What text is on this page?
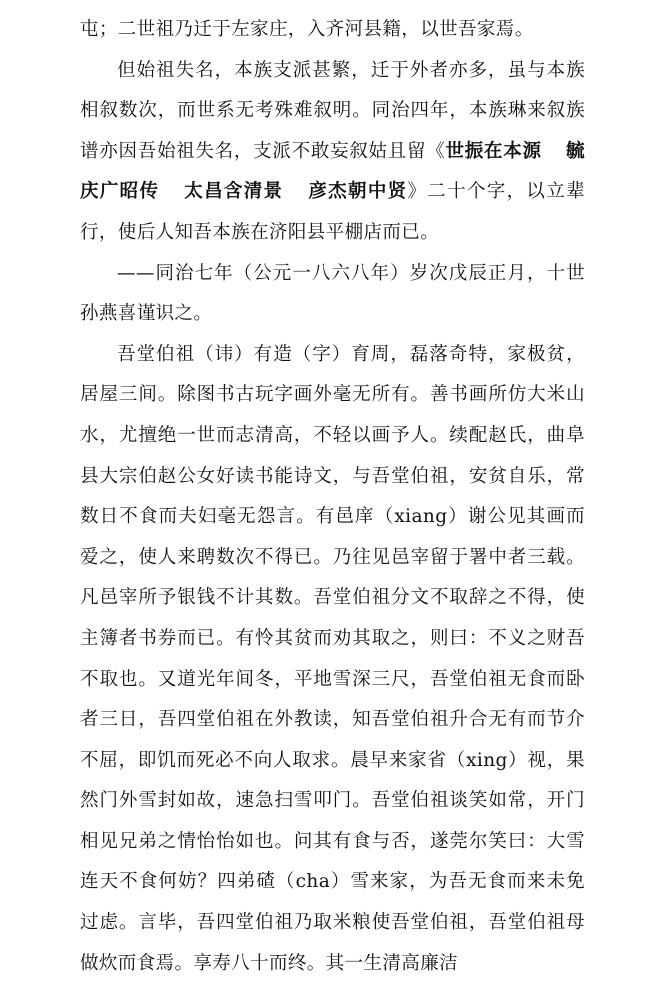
屯；二世祖乃迁于左家庄，入齐河县籍，以世吾家焉。

但始祖失名，本族支派甚繁，迁于外者亦多，虽与本族相叙数次，而世系无考殊难叙明。同治四年，本族琳来叙族谱亦因吾始祖失名，支派不敢妄叙姑且留《世振在本源 毓庆广昭传 太昌含清景 彦杰朝中贤》二十个字，以立辈行，使后人知吾本族在济阳县平棚店而已。

——同治七年（公元一八六八年）岁次戊辰正月，十世孙燕喜谨识之。

吾堂伯祖（讳）有造（字）育周，磊落奇特，家极贫，居屋三间。除图书古玩字画外毫无所有。善书画所仿大米山水，尤擅绝一世而志清高，不轻以画予人。续配赵氏，曲阜县大宗伯赵公女好读书能诗文，与吾堂伯祖，安贫自乐，常数日不食而夫妇毫无怨言。有邑庠（xiang）谢公见其画而爱之，使人来聘数次不得已。乃往见邑宰留于署中者三载。凡邑宰所予银钱不计其数。吾堂伯祖分文不取辞之不得，使主簿者书券而已。有怜其贫而劝其取之，则曰：不义之财吾不取也。又道光年间冬，平地雪深三尺，吾堂伯祖无食而卧者三日，吾四堂伯祖在外教读，知吾堂伯祖升合无有而节介不屈，即饥而死必不向人取求。晨早来家省（xing）视，果然门外雪封如故，速急扫雪叩门。吾堂伯祖谈笑如常，开门相见兄弟之情怡怡如也。问其有食与否，遂莞尔笑曰：大雪连天不食何妨？四弟碴（cha）雪来家，为吾无食而来未免过虑。言毕，吾四堂伯祖乃取米粮使吾堂伯祖，吾堂伯祖母做炊而食焉。享寿八十而终。其一生清高廉洁
